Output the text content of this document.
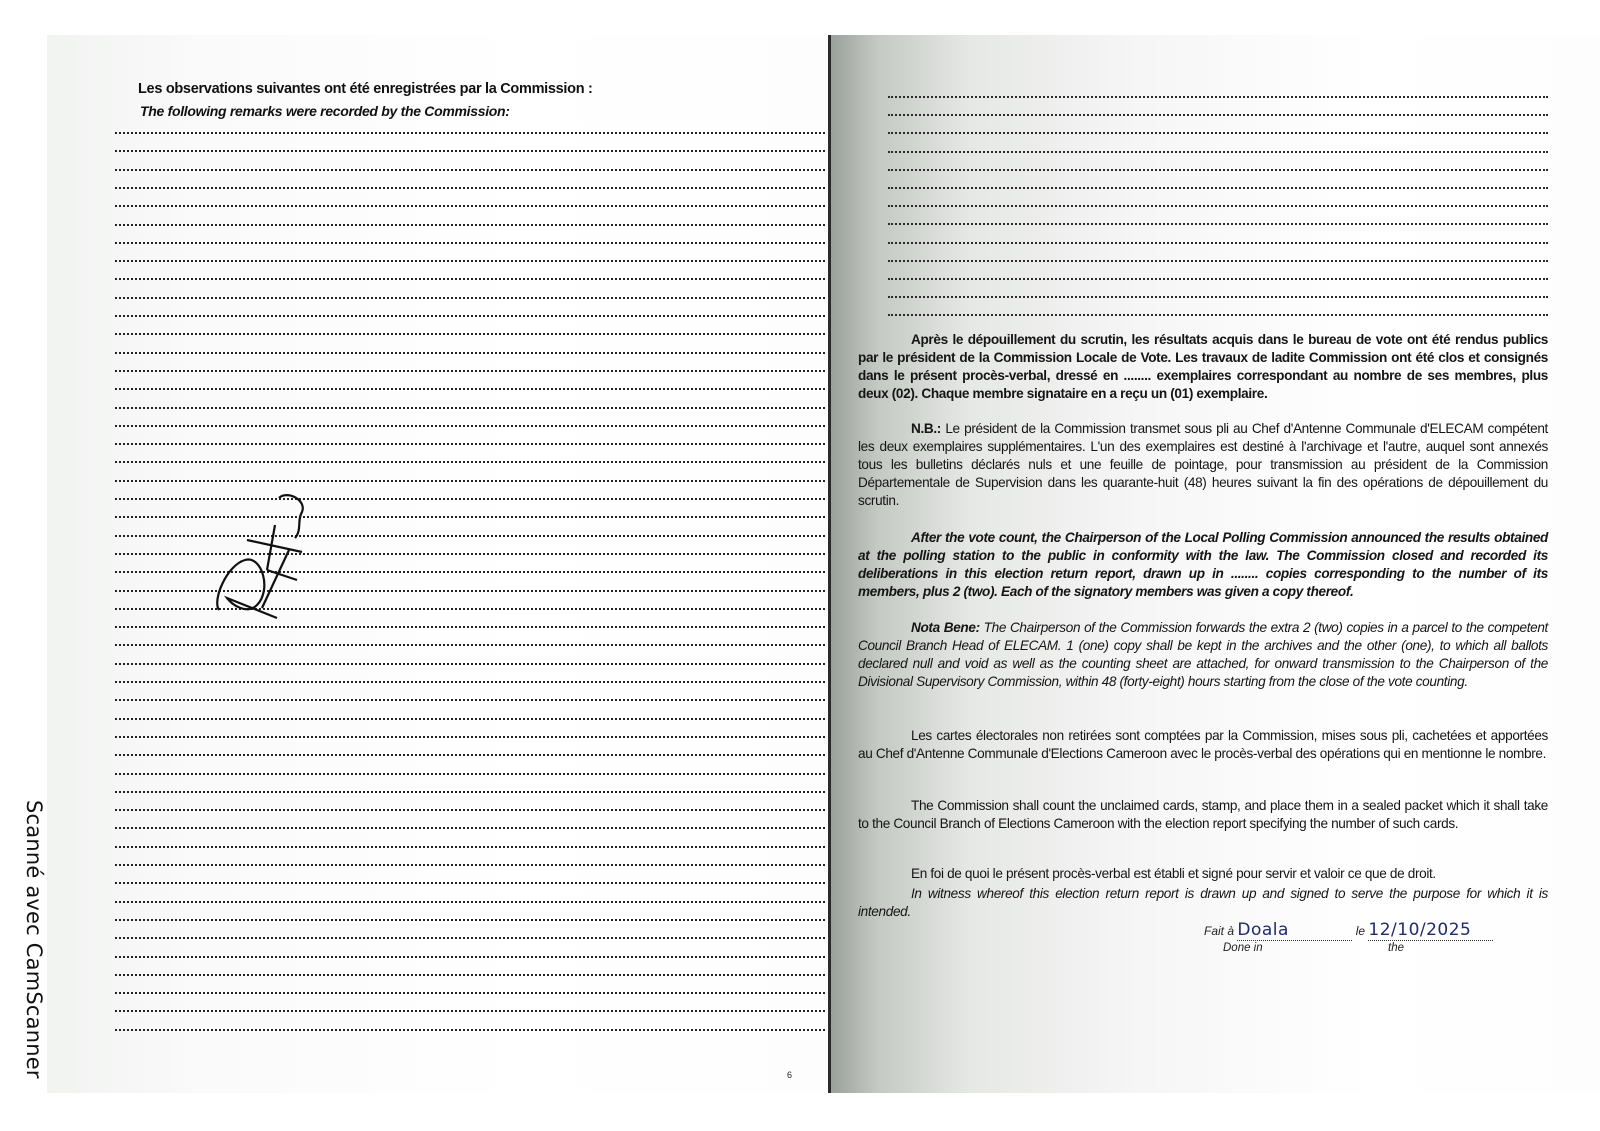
Scanné avec CamScanner
Les observations suivantes ont été enregistrées par la Commission :
The following remarks were recorded by the Commission:
6
Après le dépouillement du scrutin, les résultats acquis dans le bureau de vote ont été rendus publics par le président de la Commission Locale de Vote. Les travaux de ladite Commission ont été clos et consignés dans le présent procès-verbal, dressé en ........ exemplaires correspondant au nombre de ses membres, plus deux (02). Chaque membre signataire en a reçu un (01) exemplaire.
N.B.: Le président de la Commission transmet sous pli au Chef d'Antenne Communale d'ELECAM compétent les deux exemplaires supplémentaires. L'un des exemplaires est destiné à l'archivage et l'autre, auquel sont annexés tous les bulletins déclarés nuls et une feuille de pointage, pour transmission au président de la Commission Départementale de Supervision dans les quarante-huit (48) heures suivant la fin des opérations de dépouillement du scrutin.
After the vote count, the Chairperson of the Local Polling Commission announced the results obtained at the polling station to the public in conformity with the law. The Commission closed and recorded its deliberations in this election return report, drawn up in ........ copies corresponding to the number of its members, plus 2 (two). Each of the signatory members was given a copy thereof.
Nota Bene: The Chairperson of the Commission forwards the extra 2 (two) copies in a parcel to the competent Council Branch Head of ELECAM. 1 (one) copy shall be kept in the archives and the other (one), to which all ballots declared null and void as well as the counting sheet are attached, for onward transmission to the Chairperson of the Divisional Supervisory Commission, within 48 (forty-eight) hours starting from the close of the vote counting.
Les cartes électorales non retirées sont comptées par la Commission, mises sous pli, cachetées et apportées au Chef d'Antenne Communale d'Elections Cameroon avec le procès-verbal des opérations qui en mentionne le nombre.
The Commission shall count the unclaimed cards, stamp, and place them in a sealed packet which it shall take to the Council Branch of Elections Cameroon with the election report specifying the number of such cards.
En foi de quoi le présent procès-verbal est établi et signé pour servir et valoir ce que de droit.
In witness whereof this election return report is drawn up and signed to serve the purpose for which it is intended.
Fait à Doala	le 12/10/2025
Done in	the
